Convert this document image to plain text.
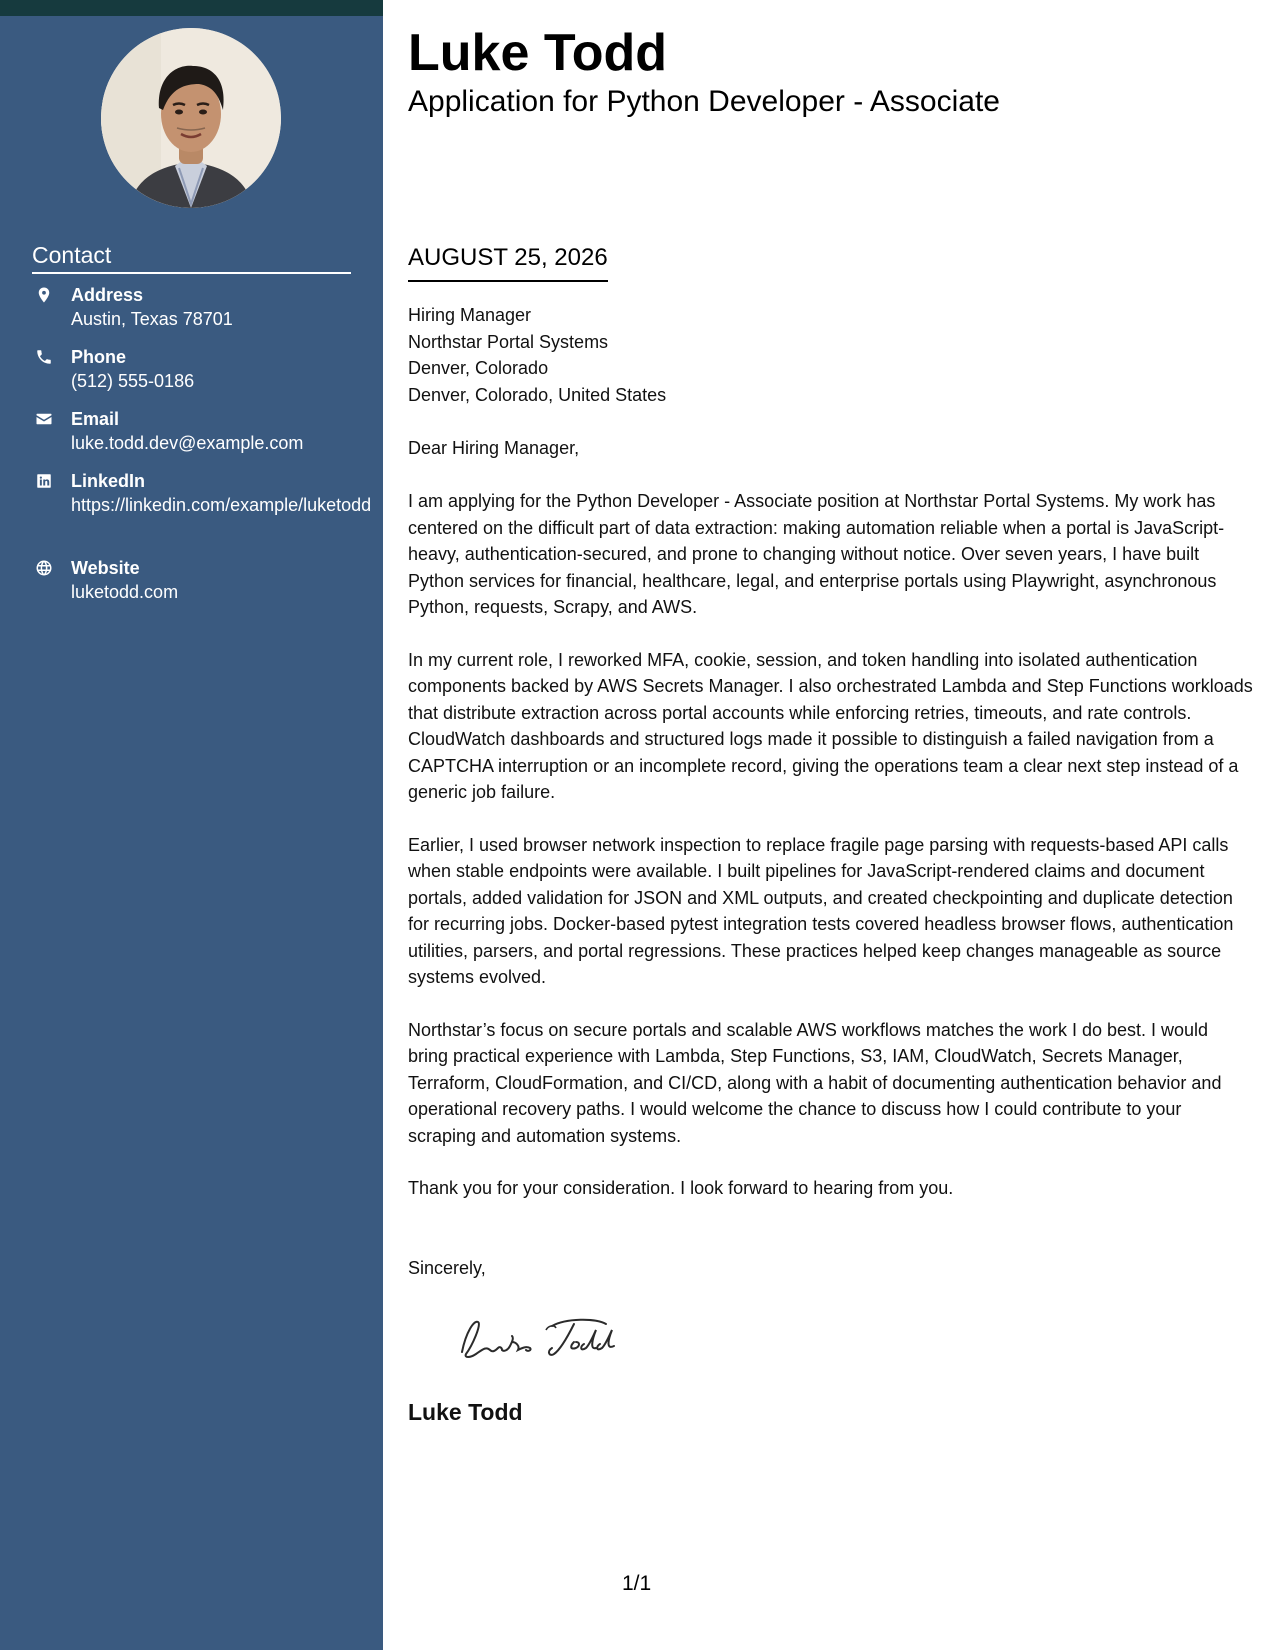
Contact
Address
Austin, Texas 78701
Phone
(512) 555-0186
Email
luke.todd.dev@example.com
LinkedIn
https://linkedin.com/example/luketodd
Website
luketodd.com
Luke Todd
Application for Python Developer - Associate
AUGUST 25, 2026
Hiring Manager
Northstar Portal Systems
Denver, Colorado
Denver, Colorado, United States
Dear Hiring Manager,

I am applying for the Python Developer - Associate position at Northstar Portal Systems. My work has centered on the difficult part of data extraction: making automation reliable when a portal is JavaScript-heavy, authentication-secured, and prone to changing without notice. Over seven years, I have built Python services for financial, healthcare, legal, and enterprise portals using Playwright, asynchronous Python, requests, Scrapy, and AWS.

In my current role, I reworked MFA, cookie, session, and token handling into isolated authentication components backed by AWS Secrets Manager. I also orchestrated Lambda and Step Functions workloads that distribute extraction across portal accounts while enforcing retries, timeouts, and rate controls. CloudWatch dashboards and structured logs made it possible to distinguish a failed navigation from a CAPTCHA interruption or an incomplete record, giving the operations team a clear next step instead of a generic job failure.

Earlier, I used browser network inspection to replace fragile page parsing with requests-based API calls when stable endpoints were available. I built pipelines for JavaScript-rendered claims and document portals, added validation for JSON and XML outputs, and created checkpointing and duplicate detection for recurring jobs. Docker-based pytest integration tests covered headless browser flows, authentication utilities, parsers, and portal regressions. These practices helped keep changes manageable as source systems evolved.

Northstar’s focus on secure portals and scalable AWS workflows matches the work I do best. I would bring practical experience with Lambda, Step Functions, S3, IAM, CloudWatch, Secrets Manager, Terraform, CloudFormation, and CI/CD, along with a habit of documenting authentication behavior and operational recovery paths. I would welcome the chance to discuss how I could contribute to your scraping and automation systems.

Thank you for your consideration. I look forward to hearing from you.

Sincerely,
Luke Todd
1/1
